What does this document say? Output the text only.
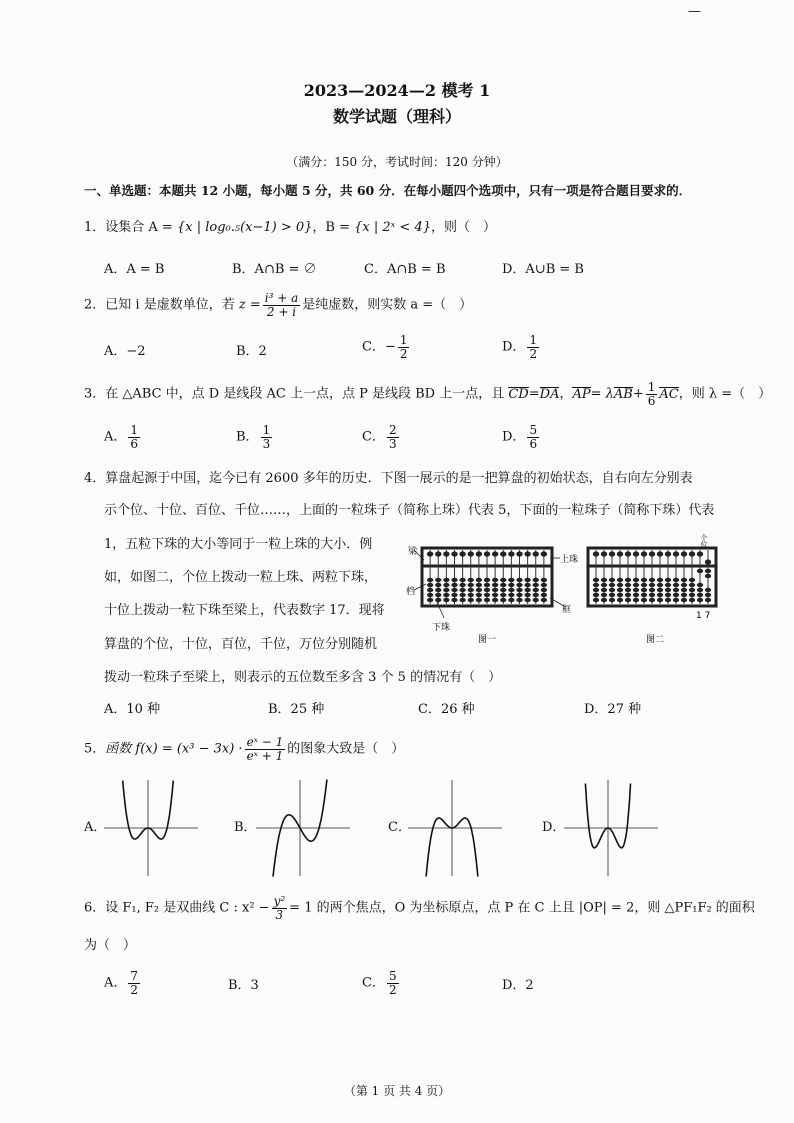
—
2023—2024—2 模考 1
数学试题（理科）
（满分：150 分，考试时间：120 分钟）
一、单选题：本题共 12 小题，每小题 5 分，共 60 分．在每小题四个选项中，只有一项是符合题目要求的．
1．设集合 A = {x | log₀.₅(x−1) > 0}，B = {x | 2ˣ < 4}，则（　）
A．A = B	B．A∩B = ∅	C．A∩B = B	D．A∪B = B
2．已知 i 是虚数单位，若 $z = \frac{\text{i³ + a}}{2 + i}$ 是纯虚数，则实数 a =（　）
A．−2	B．2	C．− $\frac{1}{2}$	D． $\frac{1}{2}$
3．在 △ABC 中，点 D 是线段 AC 上一点，点 P 是线段 BD 上一点，且 CD=DA，$AP= \lambda AB+ \frac{1}{6}$ AC，则 λ =（　）
A． $\frac{1}{6}$	B． $\frac{1}{3}$	C． $\frac{2}{3}$	D． $\frac{5}{6}$
4．算盘起源于中国，迄今已有 2600 多年的历史．下图一展示的是一把算盘的初始状态，自右向左分别表
示个位、十位、百位、千位……，上面的一粒珠子（简称上珠）代表 5，下面的一粒珠子（简称下珠）代表
1，五粒下珠的大小等同于一粒上珠的大小．例
如，如图二，个位上拨动一粒上珠、两粒下珠，
十位上拨动一粒下珠至梁上，代表数字 17．现将
算盘的个位，十位，百位，千位，万位分别随机
拨动一粒珠子至梁上，则表示的五位数至多含 3 个 5 的情况有（　）
梁
上珠
档
框
下珠
图一
个位
1 7
图二
A．10 种	B．25 种	C．26 种	D．27 种
5．函数 $f(x) = (x^3 - 3x) \cdot \frac{\text{eˣ − 1}}{\text{eˣ + 1}}$ 的图象大致是（　）
A．	B．	C．	D．
6．设 F₁, F₂ 是双曲线 C : $x^2 - \frac{\text{y²}}{3} = 1$ 的两个焦点，O 为坐标原点，点 P 在 C 上且 |OP| = 2，则 △PF₁F₂ 的面积
为（　）
A． $\frac{7}{2}$	B．3	C． $\frac{5}{2}$	D．2
（第 1 页 共 4 页）
